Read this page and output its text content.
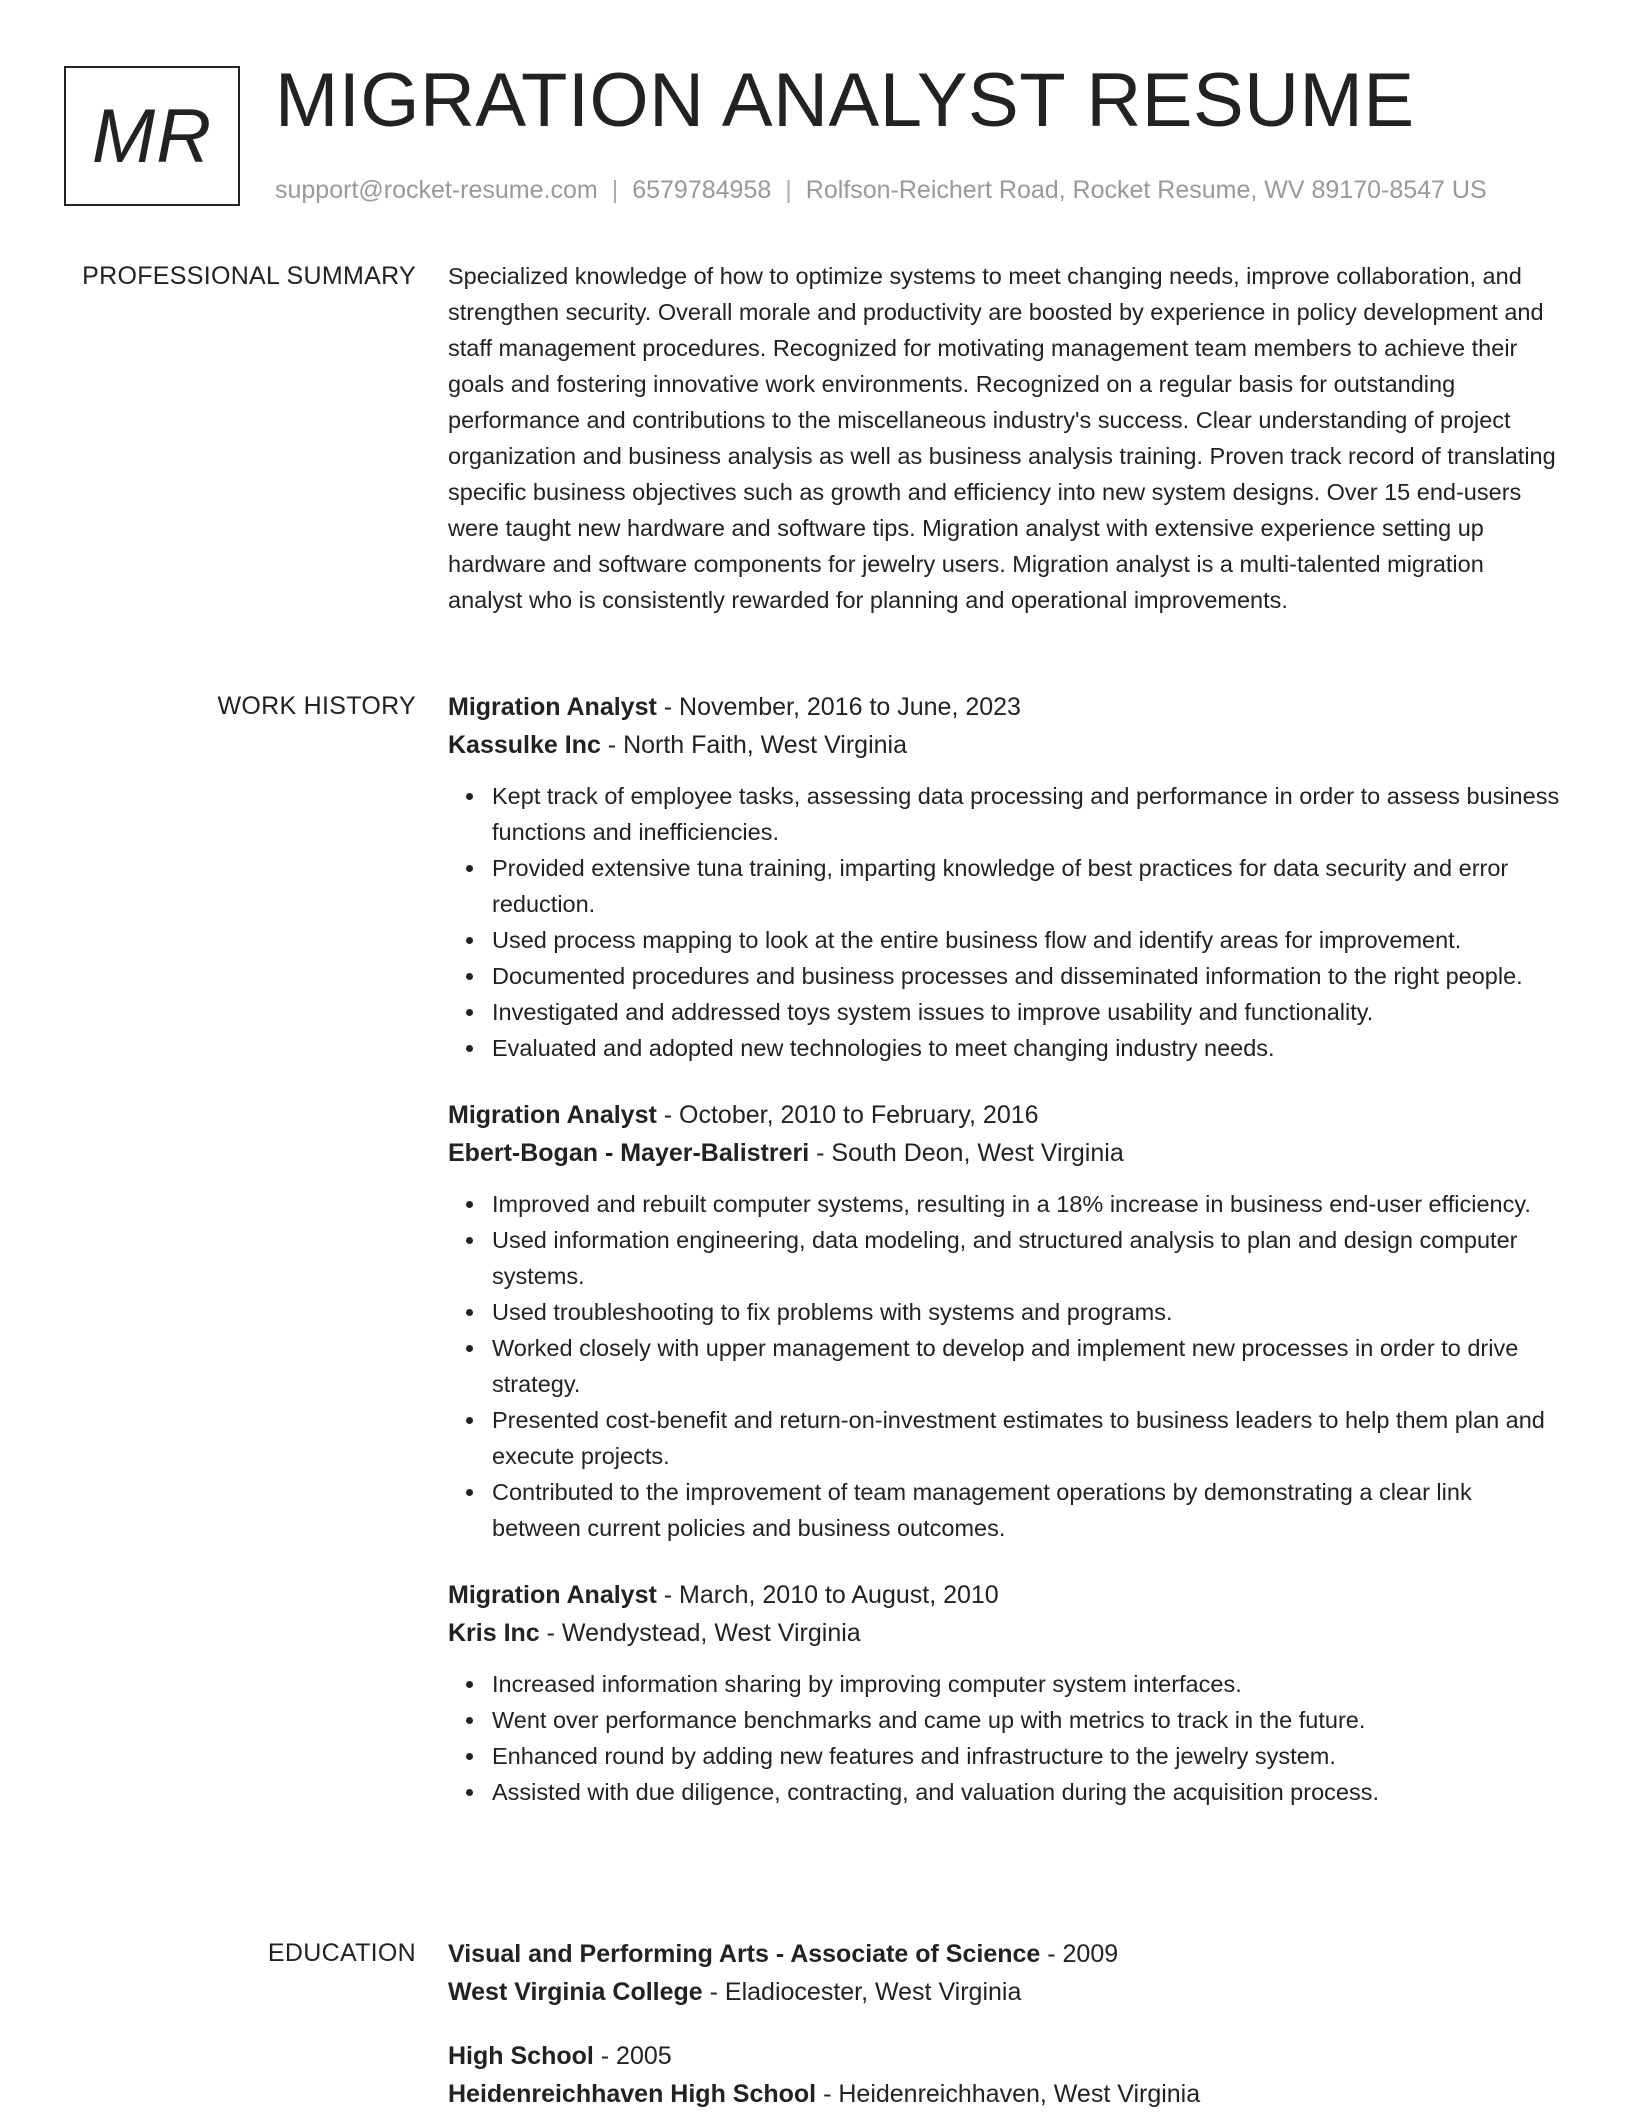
MR MIGRATION ANALYST RESUME
support@rocket-resume.com | 6579784958 | Rolfson-Reichert Road, Rocket Resume, WV 89170-8547 US
PROFESSIONAL SUMMARY Specialized knowledge of how to optimize systems to meet changing needs, improve collaboration, and strengthen security. Overall morale and productivity are boosted by experience in policy development and staff management procedures. Recognized for motivating management team members to achieve their goals and fostering innovative work environments. Recognized on a regular basis for outstanding performance and contributions to the miscellaneous industry's success. Clear understanding of project organization and business analysis as well as business analysis training. Proven track record of translating specific business objectives such as growth and efficiency into new system designs. Over 15 end-users were taught new hardware and software tips. Migration analyst with extensive experience setting up hardware and software components for jewelry users. Migration analyst is a multi-talented migration analyst who is consistently rewarded for planning and operational improvements.

WORK HISTORY Migration Analyst - November, 2016 to June, 2023
Kassulke Inc - North Faith, West Virginia
Kept track of employee tasks, assessing data processing and performance in order to assess business functions and inefficiencies.
Provided extensive tuna training, imparting knowledge of best practices for data security and error reduction.
Used process mapping to look at the entire business flow and identify areas for improvement.
Documented procedures and business processes and disseminated information to the right people.
Investigated and addressed toys system issues to improve usability and functionality.
Evaluated and adopted new technologies to meet changing industry needs.
Migration Analyst - October, 2010 to February, 2016
Ebert-Bogan - Mayer-Balistreri - South Deon, West Virginia
Improved and rebuilt computer systems, resulting in a 18% increase in business end-user efficiency.
Used information engineering, data modeling, and structured analysis to plan and design computer systems.
Used troubleshooting to fix problems with systems and programs.
Worked closely with upper management to develop and implement new processes in order to drive strategy.
Presented cost-benefit and return-on-investment estimates to business leaders to help them plan and execute projects.
Contributed to the improvement of team management operations by demonstrating a clear link between current policies and business outcomes.
Migration Analyst - March, 2010 to August, 2010
Kris Inc - Wendystead, West Virginia
Increased information sharing by improving computer system interfaces.
Went over performance benchmarks and came up with metrics to track in the future.
Enhanced round by adding new features and infrastructure to the jewelry system.
Assisted with due diligence, contracting, and valuation during the acquisition process.
EDUCATION Visual and Performing Arts - Associate of Science - 2009
West Virginia College - Eladiocester, West Virginia
High School - 2005
Heidenreichhaven High School - Heidenreichhaven, West Virginia
